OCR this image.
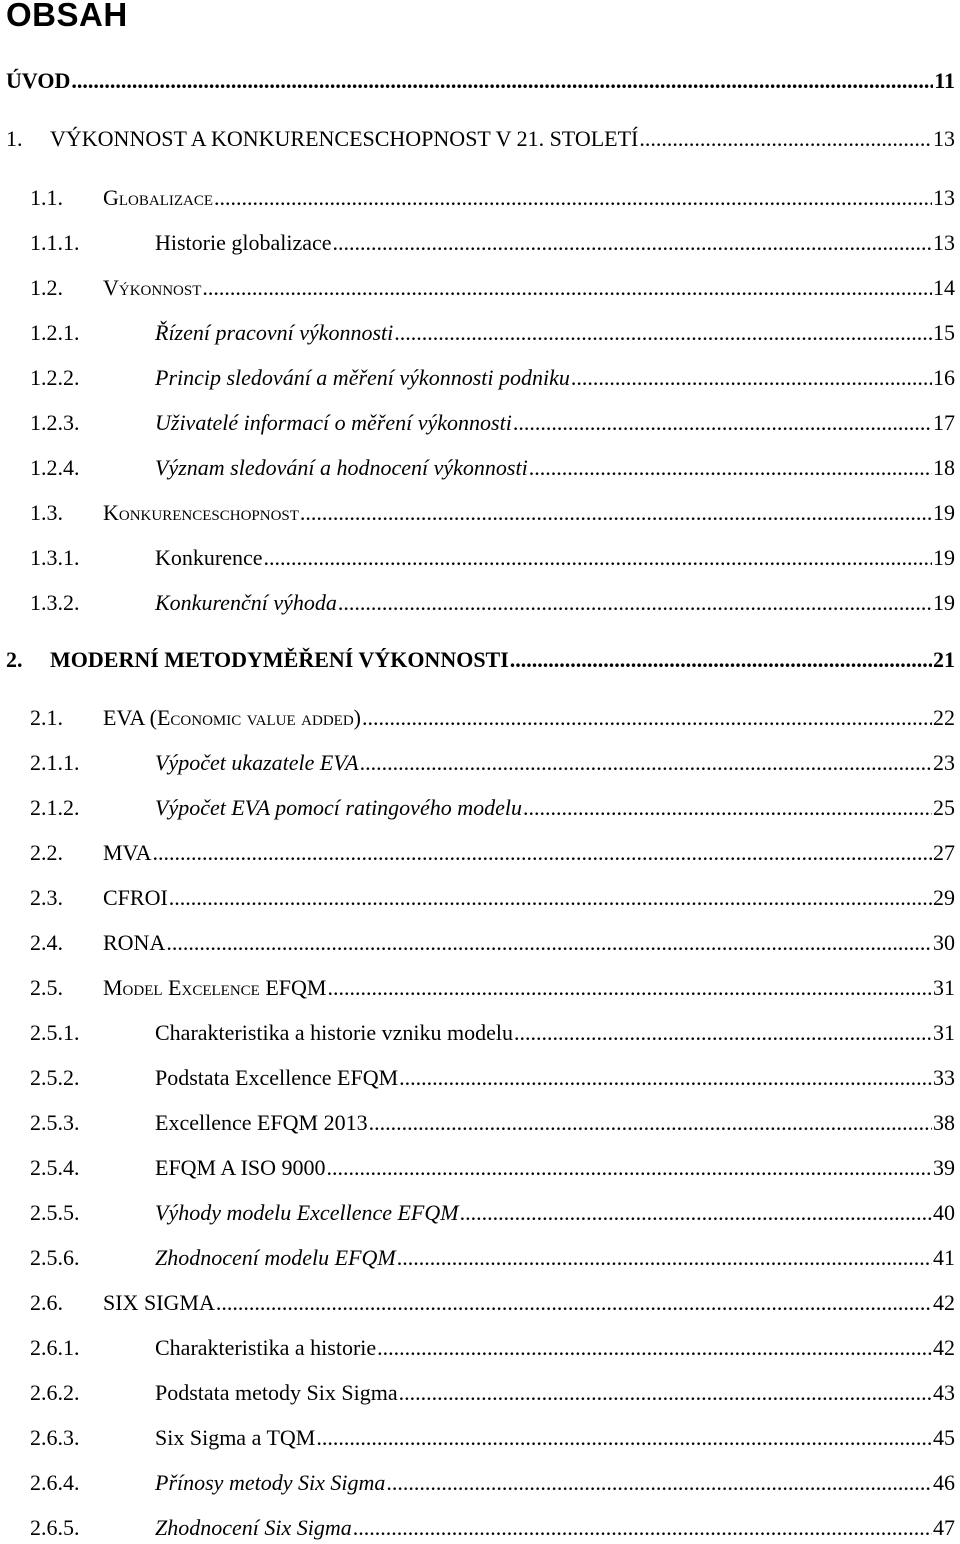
OBSAH
ÚVOD .....	11
1.	VÝKONNOST A KONKURENCESCHOPNOST V 21. STOLETÍ .....	13
1.1.	Globalizace .....	13
1.1.1.	Historie globalizace .....	13
1.2.	Výkonnost .....	14
1.2.1.	Řízení pracovní výkonnosti .....	15
1.2.2.	Princip sledování a měření výkonnosti podniku .....	16
1.2.3.	Uživatelé informací o měření výkonnosti .....	17
1.2.4.	Význam sledování a hodnocení výkonnosti .....	18
1.3.	Konkurenceschopnost .....	19
1.3.1.	Konkurence .....	19
1.3.2.	Konkurenční výhoda .....	19
2.	MODERNÍ METODYMĚŘENÍ VÝKONNOSTI .....	21
2.1.	EVA (Economic value added) .....	22
2.1.1.	Výpočet ukazatele EVA .....	23
2.1.2.	Výpočet EVA pomocí ratingového modelu .....	25
2.2.	MVA .....	27
2.3.	CFROI .....	29
2.4.	RONA .....	30
2.5.	Model Excelence EFQM .....	31
2.5.1.	Charakteristika a historie vzniku modelu .....	31
2.5.2.	Podstata Excellence EFQM .....	33
2.5.3.	Excellence EFQM 2013 .....	38
2.5.4.	EFQM A ISO 9000 .....	39
2.5.5.	Výhody modelu Excellence EFQM .....	40
2.5.6.	Zhodnocení modelu EFQM .....	41
2.6.	SIX SIGMA .....	42
2.6.1.	Charakteristika a historie .....	42
2.6.2.	Podstata metody Six Sigma .....	43
2.6.3.	Six Sigma a TQM .....	45
2.6.4.	Přínosy metody Six Sigma .....	46
2.6.5.	Zhodnocení Six Sigma .....	47
